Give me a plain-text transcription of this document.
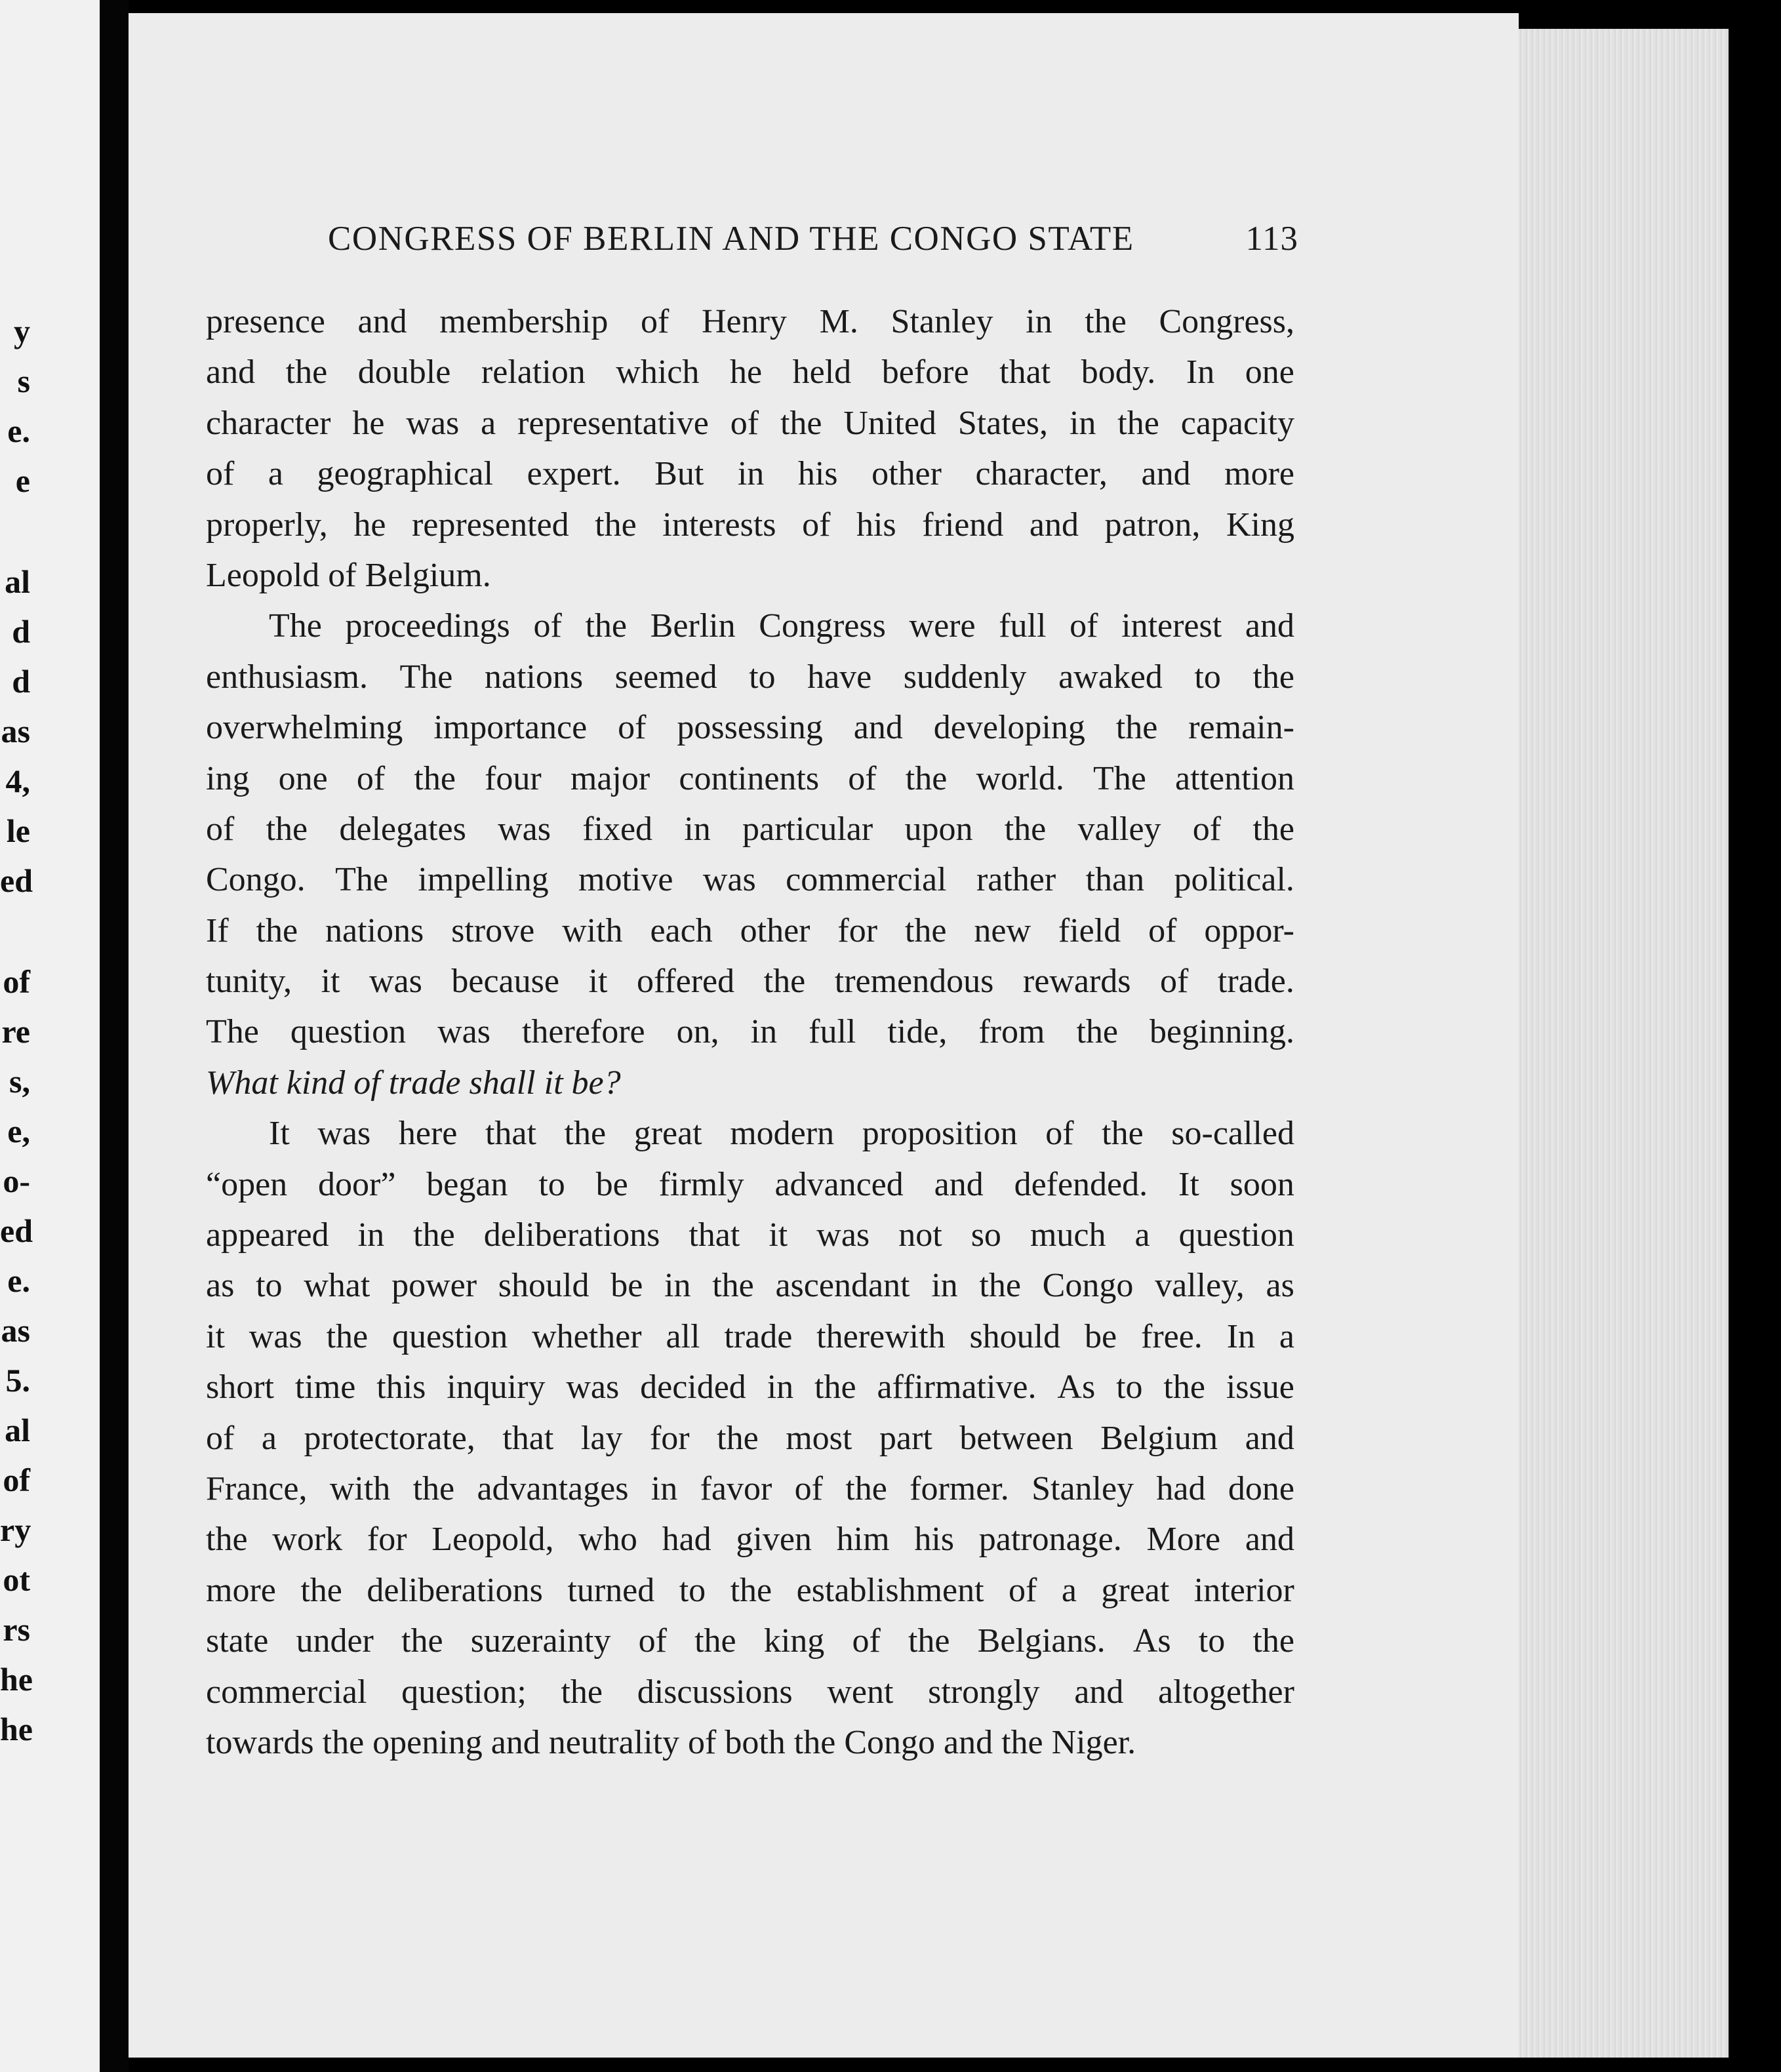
y
s
e.
e
al
d
d
as
4,
le
ed
of
re
s,
e,
o-
ed
e.
as
5.
al
of
ry
ot
rs
he
he
CONGRESS OF BERLIN AND THE CONGO STATE	113
presence and membership of Henry M. Stanley in the Congress,
and the double relation which he held before that body. In one
character he was a representative of the United States, in the capacity
of a geographical expert. But in his other character, and more
properly, he represented the interests of his friend and patron, King
Leopold of Belgium.
The proceedings of the Berlin Congress were full of interest and
enthusiasm. The nations seemed to have suddenly awaked to the
overwhelming importance of possessing and developing the remain-
ing one of the four major continents of the world. The attention
of the delegates was fixed in particular upon the valley of the
Congo. The impelling motive was commercial rather than political.
If the nations strove with each other for the new field of oppor-
tunity, it was because it offered the tremendous rewards of trade.
The question was therefore on, in full tide, from the beginning.
What kind of trade shall it be?
It was here that the great modern proposition of the so-called
“open door” began to be firmly advanced and defended. It soon
appeared in the deliberations that it was not so much a question
as to what power should be in the ascendant in the Congo valley, as
it was the question whether all trade therewith should be free. In a
short time this inquiry was decided in the affirmative. As to the issue
of a protectorate, that lay for the most part between Belgium and
France, with the advantages in favor of the former. Stanley had done
the work for Leopold, who had given him his patronage. More and
more the deliberations turned to the establishment of a great interior
state under the suzerainty of the king of the Belgians. As to the
commercial question; the discussions went strongly and altogether
towards the opening and neutrality of both the Congo and the Niger.
